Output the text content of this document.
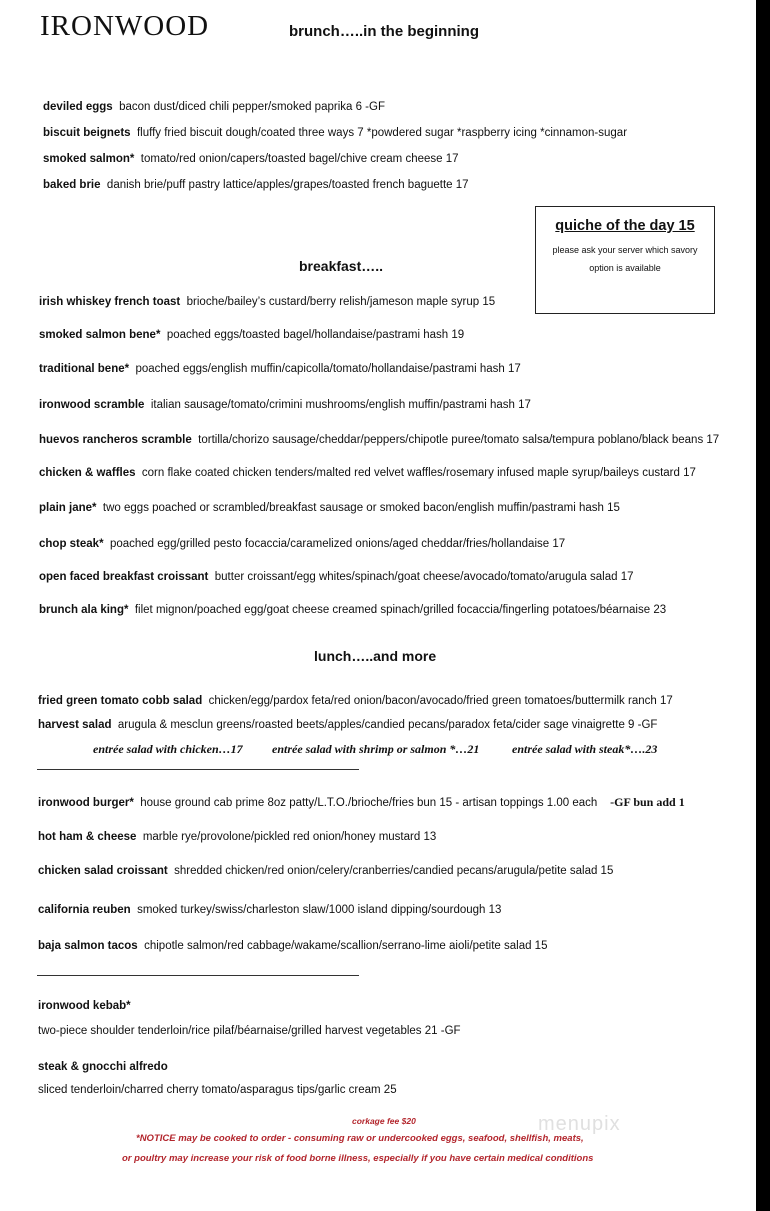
IRONWOOD	brunch…..in the beginning
deviled eggs bacon dust/diced chili pepper/smoked paprika 6 -GF
biscuit beignets fluffy fried biscuit dough/coated three ways 7 *powdered sugar *raspberry icing *cinnamon-sugar
smoked salmon* tomato/red onion/capers/toasted bagel/chive cream cheese 17
baked brie danish brie/puff pastry lattice/apples/grapes/toasted french baguette 17
quiche of the day 15
please ask your server which savory
option is available
breakfast…..
irish whiskey french toast brioche/bailey’s custard/berry relish/jameson maple syrup 15
smoked salmon bene* poached eggs/toasted bagel/hollandaise/pastrami hash 19
traditional bene* poached eggs/english muffin/capicolla/tomato/hollandaise/pastrami hash 17
ironwood scramble italian sausage/tomato/crimini mushrooms/english muffin/pastrami hash 17
huevos rancheros scramble tortilla/chorizo sausage/cheddar/peppers/chipotle puree/tomato salsa/tempura poblano/black beans 17
chicken & waffles corn flake coated chicken tenders/malted red velvet waffles/rosemary infused maple syrup/baileys custard 17
plain jane* two eggs poached or scrambled/breakfast sausage or smoked bacon/english muffin/pastrami hash 15
chop steak* poached egg/grilled pesto focaccia/caramelized onions/aged cheddar/fries/hollandaise 17
open faced breakfast croissant butter croissant/egg whites/spinach/goat cheese/avocado/tomato/arugula salad 17
brunch ala king* filet mignon/poached egg/goat cheese creamed spinach/grilled focaccia/fingerling potatoes/béarnaise 23
lunch…..and more
fried green tomato cobb salad chicken/egg/pardox feta/red onion/bacon/avocado/fried green tomatoes/buttermilk ranch 17
harvest salad arugula & mesclun greens/roasted beets/apples/candied pecans/paradox feta/cider sage vinaigrette 9 -GF
entrée salad with chicken…17 entrée salad with shrimp or salmon *…21	entrée salad with steak*….23
ironwood burger* house ground cab prime 8oz patty/L.T.O./brioche/fries bun 15 - artisan toppings 1.00 each -GF bun add 1
hot ham & cheese marble rye/provolone/pickled red onion/honey mustard 13
chicken salad croissant shredded chicken/red onion/celery/cranberries/candied pecans/arugula/petite salad 15
california reuben smoked turkey/swiss/charleston slaw/1000 island dipping/sourdough 13
baja salmon tacos chipotle salmon/red cabbage/wakame/scallion/serrano-lime aioli/petite salad 15
ironwood kebab*
two-piece shoulder tenderloin/rice pilaf/béarnaise/grilled harvest vegetables 21 -GF
steak & gnocchi alfredo
sliced tenderloin/charred cherry tomato/asparagus tips/garlic cream 25
corkage fee $20	menupix
*NOTICE may be cooked to order - consuming raw or undercooked eggs, seafood, shellfish, meats,
or poultry may increase your risk of food borne illness, especially if you have certain medical conditions
